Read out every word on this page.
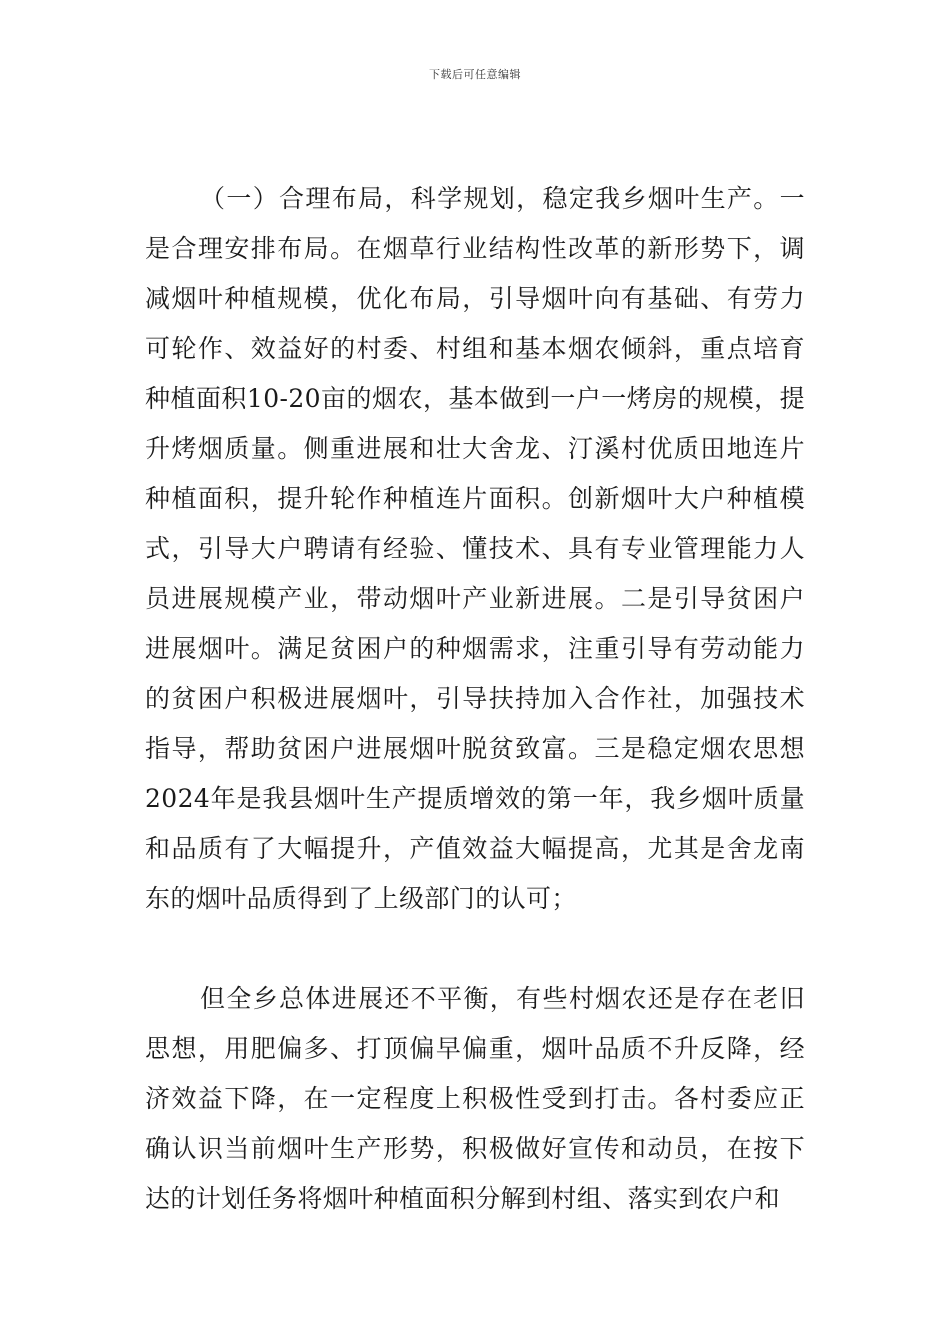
下载后可任意编辑

（一）合理布局，科学规划，稳定我乡烟叶生产。一是合理安排布局。在烟草行业结构性改革的新形势下，调减烟叶种植规模，优化布局，引导烟叶向有基础、有劳力可轮作、效益好的村委、村组和基本烟农倾斜，重点培育种植面积10-20亩的烟农，基本做到一户一烤房的规模，提升烤烟质量。侧重进展和壮大舍龙、汀溪村优质田地连片种植面积，提升轮作种植连片面积。创新烟叶大户种植模式，引导大户聘请有经验、懂技术、具有专业管理能力人员进展规模产业，带动烟叶产业新进展。二是引导贫困户进展烟叶。满足贫困户的种烟需求，注重引导有劳动能力的贫困户积极进展烟叶，引导扶持加入合作社，加强技术指导，帮助贫困户进展烟叶脱贫致富。三是稳定烟农思想2024年是我县烟叶生产提质增效的第一年，我乡烟叶质量和品质有了大幅提升，产值效益大幅提高，尤其是舍龙南东的烟叶品质得到了上级部门的认可；

但全乡总体进展还不平衡，有些村烟农还是存在老旧思想，用肥偏多、打顶偏早偏重，烟叶品质不升反降，经济效益下降，在一定程度上积极性受到打击。各村委应正确认识当前烟叶生产形势，积极做好宣传和动员，在按下达的计划任务将烟叶种植面积分解到村组、落实到农户和
